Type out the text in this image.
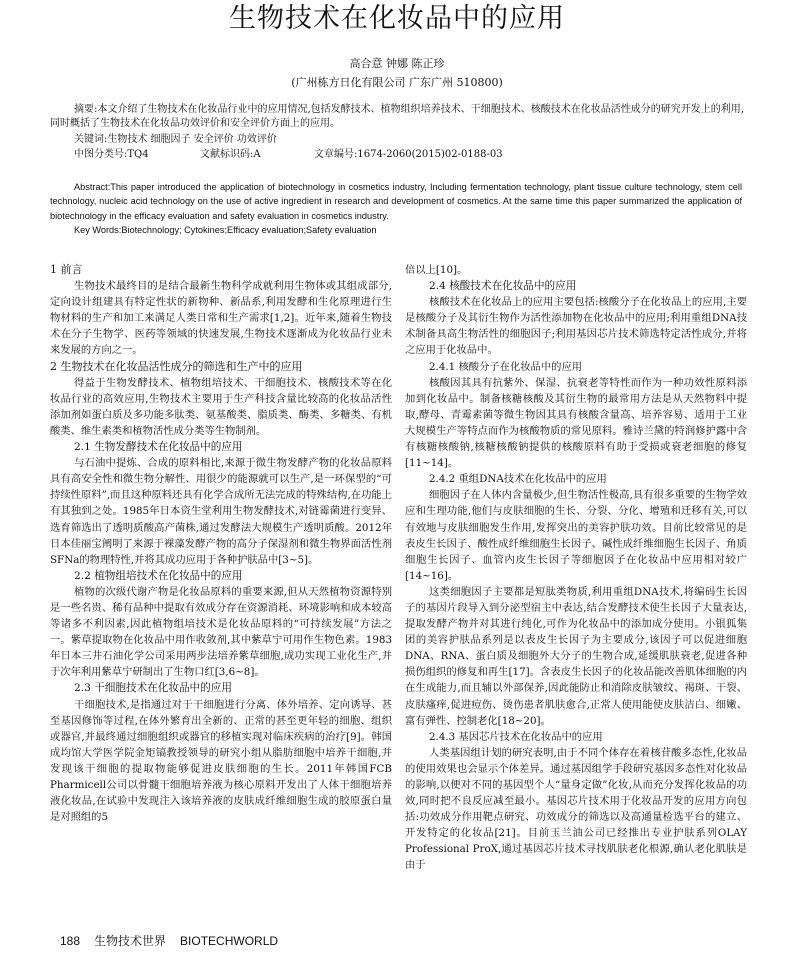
生物技术在化妆品中的应用
高合意 钟娜 陈正珍
(广州栋方日化有限公司 广东广州 510800)

摘要:本文介绍了生物技术在化妆品行业中的应用情况,包括发酵技术、植物组织培养技术、干细胞技术、核酸技术在化妆品活性成分的研究开发上的利用,同时概括了生物技术在化妆品功效评价和安全评价方面上的应用。

关键词:生物技术 细胞因子 安全评价 功效评价
中图分类号:TQ4	文献标识码:A	文章编号:1674-2060(2015)02-0188-03

Abstract:This paper introduced the application of biotechnology in cosmetics industry, Including fermentation technology, plant tissue culture technology, stem cell technology, nucleic acid technology on the use of active ingredient in research and development of cosmetics. At the same time this paper summarized the application of biotechnology in the efficacy evaluation and safety evaluation in cosmetics industry.

Key Words:Biotechnology; Cytokines;Efficacy evaluation;Safety evaluation

1 前言

生物技术最终目的是结合最新生物科学成就利用生物体或其组成部分,定向设计组建具有特定性状的新物种、新品系,利用发酵和生化原理进行生物材料的生产和加工来满足人类日常和生产需求[1,2]。近年来,随着生物技术在分子生物学、医药等领域的快速发展,生物技术逐渐成为化妆品行业未来发展的方向之一。

2 生物技术在化妆品活性成分的筛选和生产中的应用

得益于生物发酵技术、植物组培技术、干细胞技术、核酸技术等在化妆品行业的高效应用,生物技术主要用于生产科技含量比较高的化妆品活性添加剂如蛋白质及多功能多肽类、氨基酸类、脂质类、酶类、多糖类、有机酸类、维生素类和植物活性成分类等生物制剂。

2.1 生物发酵技术在化妆品中的应用

与石油中提炼、合成的原料相比,来源于微生物发酵产物的化妆品原料具有高安全性和微生物分解性、用很少的能源就可以生产,是一环保型的“可持续性原料”,而且这种原料还具有化学合成所无法完成的特殊结构,在功能上有其独到之处。1985年日本资生堂利用生物发酵技术,对链霉菌进行变异、选育筛选出了透明质酸高产菌株,通过发酵法大规模生产透明质酸。2012年日本佳丽宝阐明了来源于裸藻发酵产物的高分子保湿剂和微生物界面活性剂SFNa的物理特性,并将其成功应用于各种护肤品中[3~5]。

2.2 植物组培技术在化妆品中的应用

植物的次级代谢产物是化妆品原料的重要来源,但从天然植物资源特别是一些名贵、稀有品种中提取有效成分存在资源消耗、环境影响和成本较高等诸多不利因素,因此植物组培技术是化妆品原料的“可持续发展”方法之一。紫草提取物在化妆品中用作收敛剂,其中紫草宁可用作生物色素。1983年日本三井石油化学公司采用两步法培养紫草细胞,成功实现工业化生产,并于次年利用紫草宁研制出了生物口红[3,6~8]。

2.3 干细胞技术在化妆品中的应用

干细胞技术,是指通过对于干细胞进行分离、体外培养、定向诱导、甚至基因修饰等过程,在体外繁育出全新的、正常的甚至更年轻的细胞、组织或器官,并最终通过细胞组织或器官的移植实现对临床疾病的治疗[9]。韩国成均馆大学医学院金矩镐教授领导的研究小组从脂肪细胞中培养干细胞,并发现该干细胞的提取物能够促进皮肤细胞的生长。2011年韩国FCB Pharmicell公司以骨髓干细胞培养液为核心原料开发出了人体干细胞培养液化妆品,在试验中发现注入该培养液的皮肤成纤维细胞生成的胶原蛋白量是对照组的5

倍以上[10]。

2.4 核酸技术在化妆品中的应用

核酸技术在化妆品上的应用主要包括:核酸分子在化妆品上的应用,主要是核酸分子及其衍生物作为活性添加物在化妆品中的应用;利用重组DNA技术制备具高生物活性的细胞因子;利用基因芯片技术筛选特定活性成分,并将之应用于化妆品中。

2.4.1 核酸分子在化妆品中的应用

核酸因其具有抗紫外、保湿、抗衰老等特性而作为一种功效性原料添加到化妆品中。制备核糖核酸及其衍生物的最常用方法是从天然物料中提取,酵母、青霉素菌等微生物因其具有核酸含量高、培养容易、适用于工业大规模生产等特点而作为核酸物质的常见原料。雅诗兰黛的特润修护露中含有核糖核酸钠,核糖核酸钠提供的核酸原料有助于受损或衰老细胞的修复[11~14]。

2.4.2 重组DNA技术在化妆品中的应用

细胞因子在人体内含量极少,但生物活性极高,具有很多重要的生物学效应和生理功能,他们与皮肤细胞的生长、分裂、分化、增殖和迁移有关,可以有效地与皮肤细胞发生作用,发挥突出的美容护肤功效。目前比较常见的是表皮生长因子、酸性成纤维细胞生长因子、碱性成纤维细胞生长因子、角质细胞生长因子、血管内皮生长因子等细胞因子在化妆品中应用相对较广[14~16]。

这类细胞因子主要都是短肽类物质,利用重组DNA技术,将编码生长因子的基因片段导入到分泌型宿主中表达,结合发酵技术使生长因子大量表达,提取发酵产物并对其进行纯化,可作为化妆品中的添加成分使用。小银狐集团的美容护肤品系列是以表皮生长因子为主要成分,该因子可以促进细胞DNA、RNA、蛋白质及细胞外大分子的生物合成,延缓肌肤衰老,促进各种损伤组织的修复和再生[17]。含表皮生长因子的化妆品能改善肌体细胞的内在生成能力,而且辅以外部保养,因此能防止和消除皮肤皱纹、褐斑、干裂、皮肤瘙痒,促进痘伤、烫伤患者肌肤愈合,正常人使用能使皮肤洁白、细嫩、富有弹性、控制老化[18~20]。

2.4.3 基因芯片技术在化妆品中的应用

人类基因组计划的研究表明,由于不同个体存在着核苷酸多态性,化妆品的使用效果也会显示个体差异。通过基因组学手段研究基因多态性对化妆品的影响,以便对不同的基因型个人“量身定做”化妆,从而充分发挥化妆品的功效,同时把不良反应减至最小。基因芯片技术用于化妆品开发的应用方向包括:功效成分作用靶点研究、功效成分的筛选以及高通量检选平台的建立、开发特定的化妆品[21]。目前玉兰油公司已经推出专业护肤系列OLAY Professional ProX,通过基因芯片技术寻找肌肤老化根源,确认老化肌肤是由于

188 生物技术世界 BIOTECHWORLD
